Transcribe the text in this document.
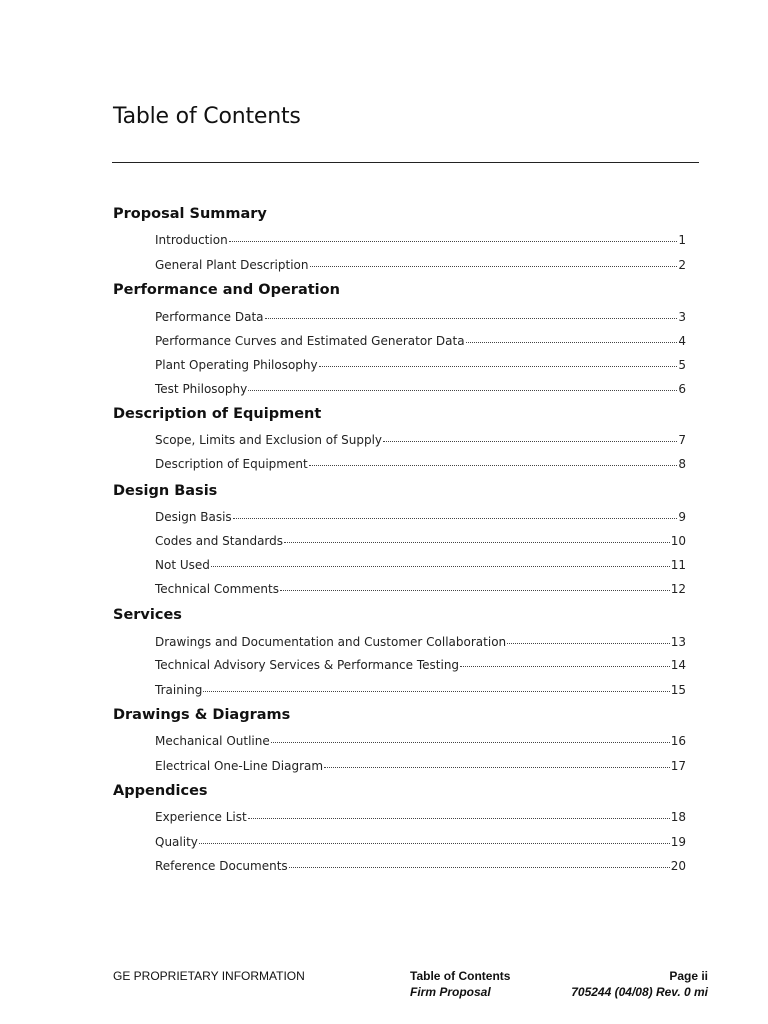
Table of Contents
Proposal Summary
Introduction	1
General Plant Description	2
Performance and Operation
Performance Data	3
Performance Curves and Estimated Generator Data	4
Plant Operating Philosophy	5
Test Philosophy	6
Description of Equipment
Scope, Limits and Exclusion of Supply	7
Description of Equipment	8
Design Basis
Design Basis	9
Codes and Standards	10
Not Used	11
Technical Comments	12
Services
Drawings and Documentation and Customer Collaboration	13
Technical Advisory Services & Performance Testing	14
Training	15
Drawings & Diagrams
Mechanical Outline	16
Electrical One-Line Diagram	17
Appendices
Experience List	18
Quality	19
Reference Documents	20
GE PROPRIETARY INFORMATION	Table of Contents
Firm Proposal
Page ii
705244 (04/08) Rev. 0 mi
